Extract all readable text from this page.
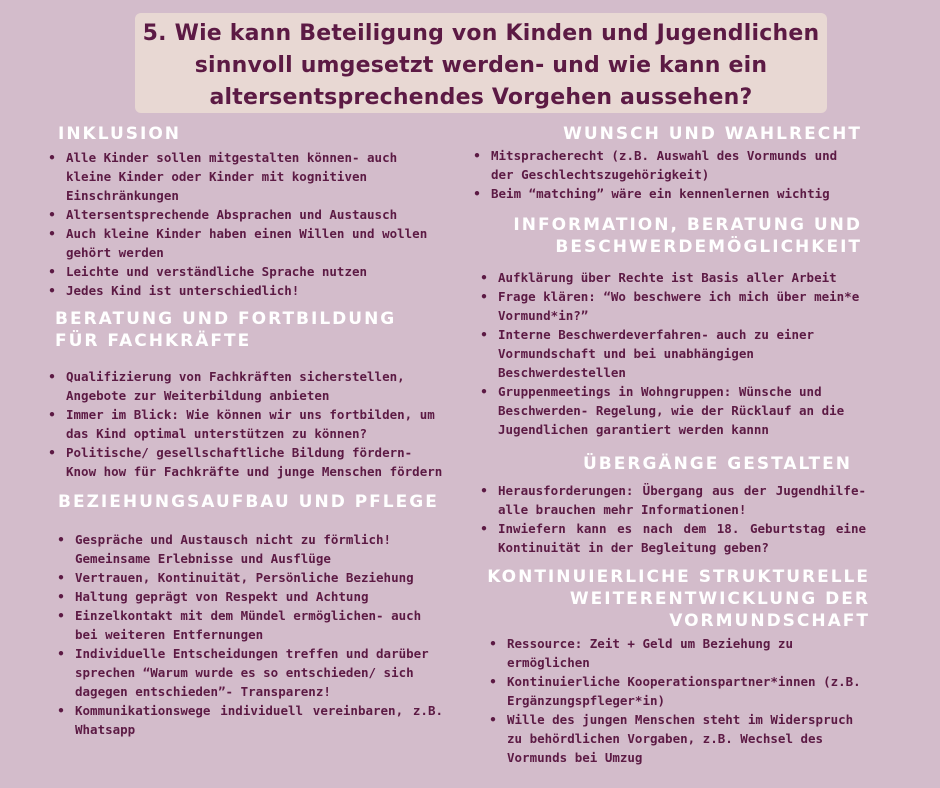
5. Wie kann Beteiligung von Kinden und Jugendlichen
sinnvoll umgesetzt werden- und wie kann ein
altersentsprechendes Vorgehen aussehen?
INKLUSION
• Alle Kinder sollen mitgestalten können- auch kleine Kinder oder Kinder mit kognitiven Einschränkungen
• Altersentsprechende Absprachen und Austausch
• Auch kleine Kinder haben einen Willen und wollen gehört werden
• Leichte und verständliche Sprache nutzen
• Jedes Kind ist unterschiedlich!
BERATUNG UND FORTBILDUNG
FÜR FACHKRÄFTE
• Qualifizierung von Fachkräften sicherstellen, Angebote zur Weiterbildung anbieten
• Immer im Blick: Wie können wir uns fortbilden, um das Kind optimal unterstützen zu können?
• Politische/ gesellschaftliche Bildung fördern- Know how für Fachkräfte und junge Menschen fördern
BEZIEHUNGSAUFBAU UND PFLEGE
• Gespräche und Austausch nicht zu förmlich! Gemeinsame Erlebnisse und Ausflüge
• Vertrauen, Kontinuität, Persönliche Beziehung
• Haltung geprägt von Respekt und Achtung
• Einzelkontakt mit dem Mündel ermöglichen- auch bei weiteren Entfernungen
• Individuelle Entscheidungen treffen und darüber sprechen “Warum wurde es so entschieden/ sich dagegen entschieden”- Transparenz!
• Kommunikationswege individuell vereinbaren, z.B. Whatsapp
WUNSCH UND WAHLRECHT
• Mitspracherecht (z.B. Auswahl des Vormunds und der Geschlechtszugehörigkeit)
• Beim “matching” wäre ein kennenlernen wichtig
INFORMATION, BERATUNG UND
BESCHWERDEMÖGLICHKEIT
• Aufklärung über Rechte ist Basis aller Arbeit
• Frage klären: “Wo beschwere ich mich über mein*e Vormund*in?”
• Interne Beschwerdeverfahren- auch zu einer Vormundschaft und bei unabhängigen Beschwerdestellen
• Gruppenmeetings in Wohngruppen: Wünsche und Beschwerden- Regelung, wie der Rücklauf an die Jugendlichen garantiert werden kannn
ÜBERGÄNGE GESTALTEN
• Herausforderungen: Übergang aus der Jugendhilfe- alle brauchen mehr Informationen!
• Inwiefern kann es nach dem 18. Geburtstag eine Kontinuität in der Begleitung geben?
KONTINUIERLICHE STRUKTURELLE
WEITERENTWICKLUNG DER
VORMUNDSCHAFT
• Ressource: Zeit + Geld um Beziehung zu ermöglichen
• Kontinuierliche Kooperationspartner*innen (z.B. Ergänzungspfleger*in)
• Wille des jungen Menschen steht im Widerspruch zu behördlichen Vorgaben, z.B. Wechsel des Vormunds bei Umzug
